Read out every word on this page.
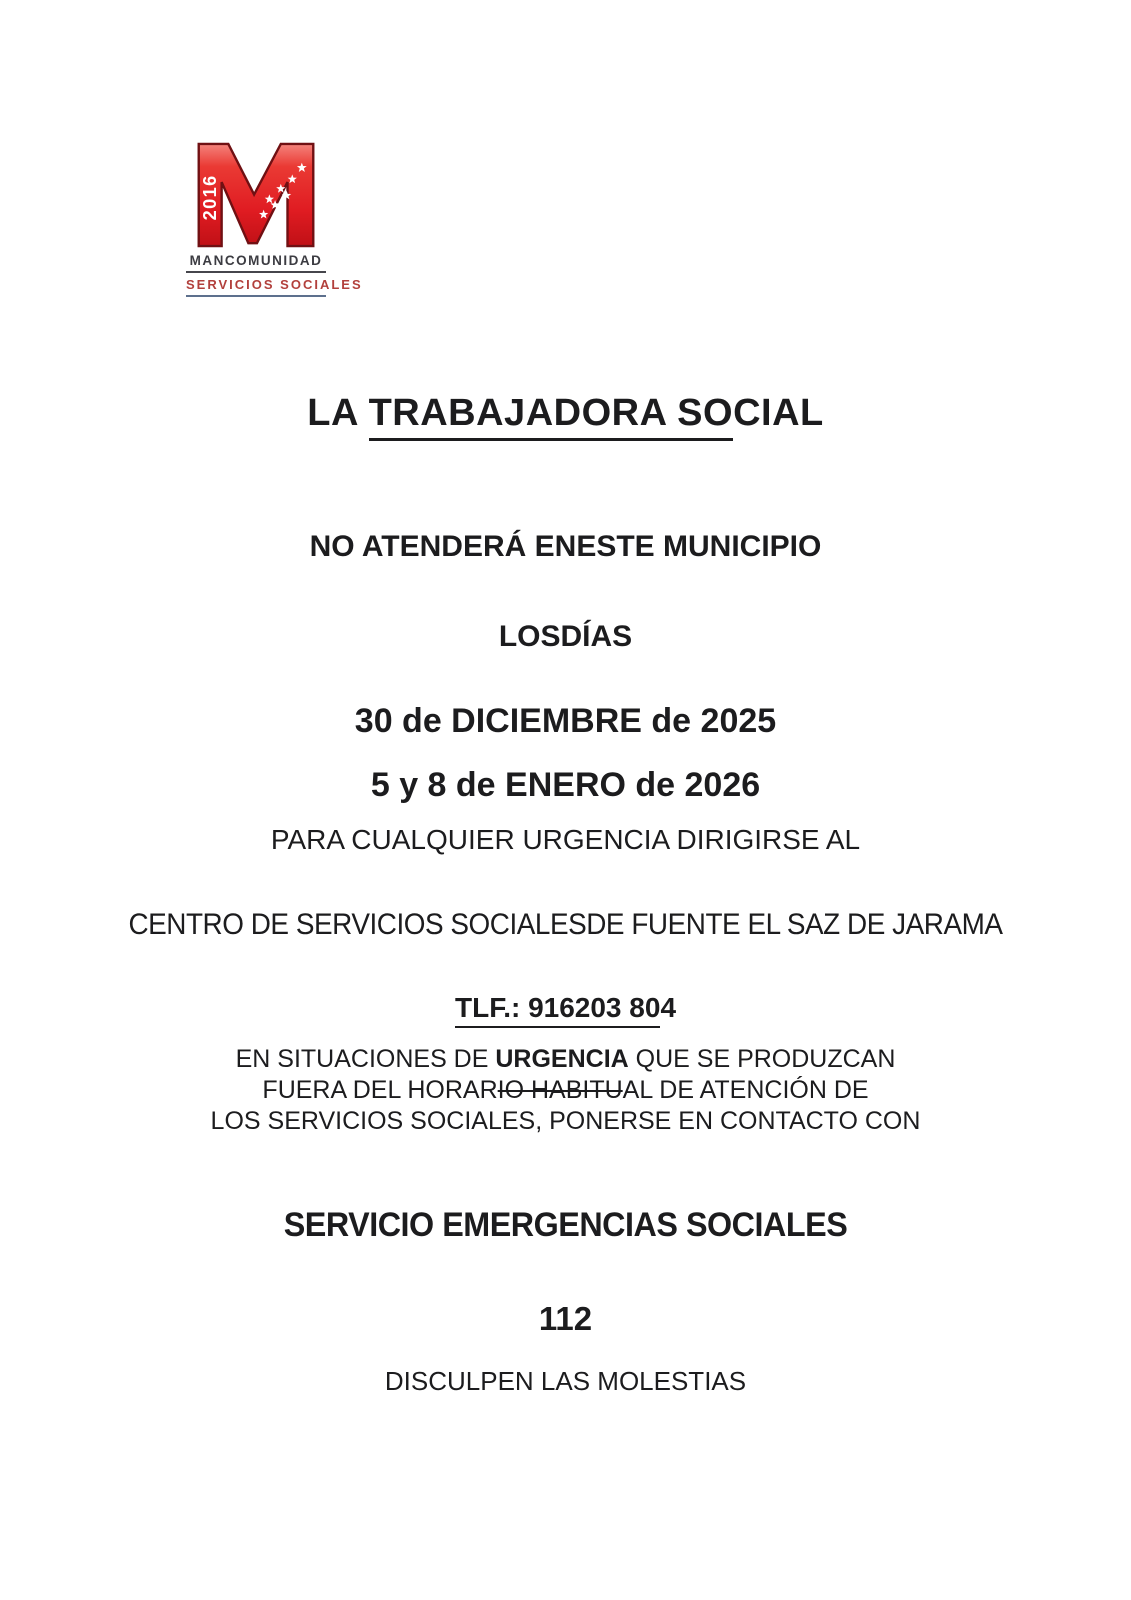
2016
MANCOMUNIDAD
SERVICIOS SOCIALES
LA TRABAJADORA SOCIAL
NO ATENDERÁ ENESTE MUNICIPIO
LOSDÍAS
30 de DICIEMBRE de 2025
5 y 8 de ENERO de 2026
PARA CUALQUIER URGENCIA DIRIGIRSE AL
CENTRO DE SERVICIOS SOCIALESDE FUENTE EL SAZ DE JARAMA
TLF.: 916203 804
EN SITUACIONES DE URGENCIA QUE SE PRODUZCAN
FUERA DEL HORARIO HABITUAL DE ATENCIÓN DE
LOS SERVICIOS SOCIALES, PONERSE EN CONTACTO CON
SERVICIO EMERGENCIAS SOCIALES
112
DISCULPEN LAS MOLESTIAS
